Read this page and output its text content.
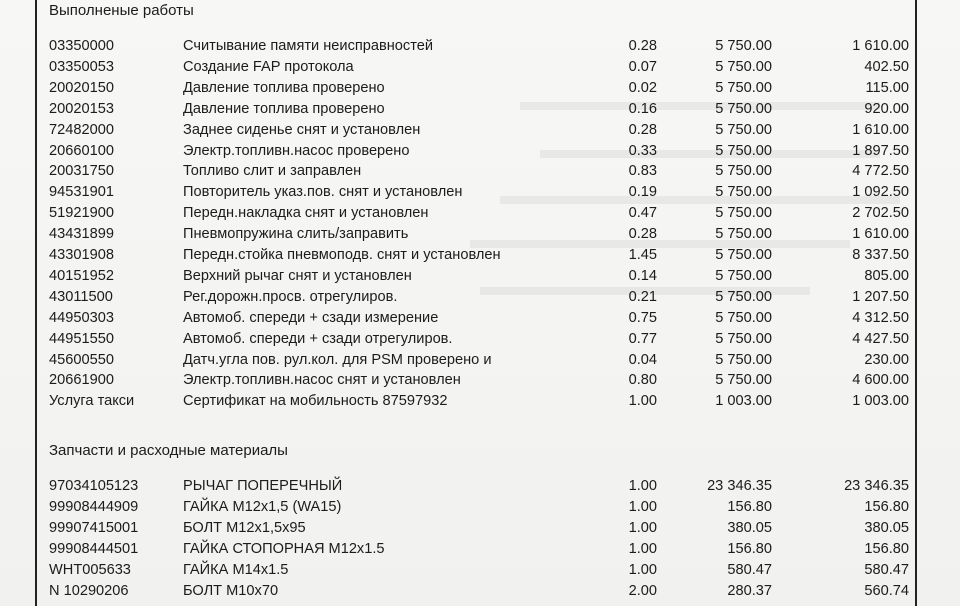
Выполненые работы
03350000	Считывание памяти неисправностей	0.28	5 750.00	1 610.00
03350053	Создание FAP протокола	0.07	5 750.00	402.50
20020150	Давление топлива проверено	0.02	5 750.00	115.00
20020153	Давление топлива проверено	0.16	5 750.00	920.00
72482000	Заднее сиденье снят и установлен	0.28	5 750.00	1 610.00
20660100	Электр.топливн.насос проверено	0.33	5 750.00	1 897.50
20031750	Топливо слит и заправлен	0.83	5 750.00	4 772.50
94531901	Повторитель указ.пов. снят и установлен	0.19	5 750.00	1 092.50
51921900	Передн.накладка снят и установлен	0.47	5 750.00	2 702.50
43431899	Пневмопружина слить/заправить	0.28	5 750.00	1 610.00
43301908	Передн.стойка пневмоподв. снят и установлен	1.45	5 750.00	8 337.50
40151952	Верхний рычаг снят и установлен	0.14	5 750.00	805.00
43011500	Рег.дорожн.просв. отрегулиров.	0.21	5 750.00	1 207.50
44950303	Автомоб. спереди + сзади измерение	0.75	5 750.00	4 312.50
44951550	Автомоб. спереди + сзади отрегулиров.	0.77	5 750.00	4 427.50
45600550	Датч.угла пов. рул.кол. для PSM проверено и	0.04	5 750.00	230.00
20661900	Электр.топливн.насос снят и установлен	0.80	5 750.00	4 600.00
Услуга такси	Сертификат на мобильность 87597932	1.00	1 003.00	1 003.00
Запчасти и расходные материалы
97034105123	РЫЧАГ ПОПЕРЕЧНЫЙ	1.00	23 346.35	23 346.35
99908444909	ГАЙКА М12х1,5 (WA15)	1.00	156.80	156.80
99907415001	БОЛТ М12х1,5х95	1.00	380.05	380.05
99908444501	ГАЙКА СТОПОРНАЯ М12х1.5	1.00	156.80	156.80
WHT005633	ГАЙКА М14х1.5	1.00	580.47	580.47
N 10290206	БОЛТ М10х70	2.00	280.37	560.74
